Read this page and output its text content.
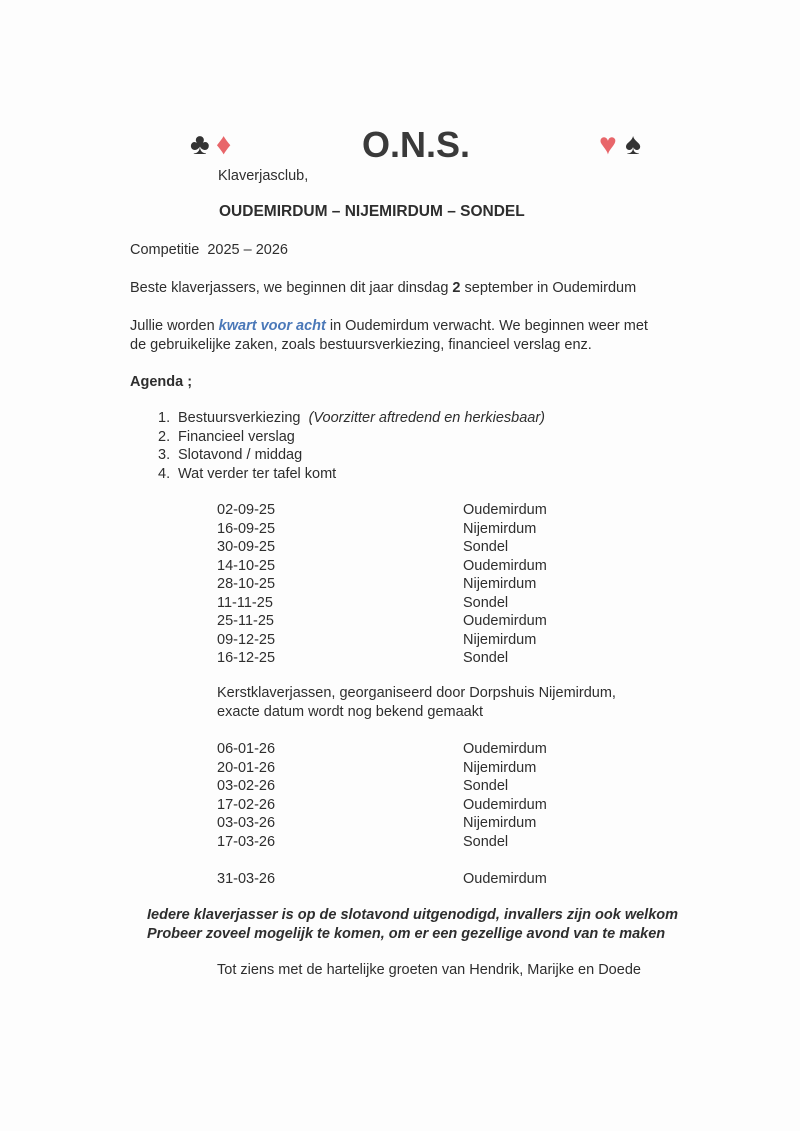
♣ ♦	O.N.S.	♥ ♠
Klaverjasclub,
OUDEMIRDUM – NIJEMIRDUM – SONDEL
Competitie  2025 – 2026
Beste klaverjassers, we beginnen dit jaar dinsdag 2 september in Oudemirdum
Jullie worden kwart voor acht in Oudemirdum verwacht. We beginnen weer met
de gebruikelijke zaken, zoals bestuursverkiezing, financieel verslag enz.
Agenda ;
Kerstklaverjassen, georganiseerd door Dorpshuis Nijemirdum,
exacte datum wordt nog bekend gemaakt
31-03-26	Oudemirdum
Iedere klaverjasser is op de slotavond uitgenodigd, invallers zijn ook welkom
Probeer zoveel mogelijk te komen, om er een gezellige avond van te maken
Tot ziens met de hartelijke groeten van Hendrik, Marijke en Doede
1. Bestuursverkiezing (Voorzitter aftredend en herkiesbaar)
2. Financieel verslag
3. Slotavond / middag
4. Wat verder ter tafel komt
02-09-25	Oudemirdum
16-09-25	Nijemirdum
30-09-25	Sondel
14-10-25	Oudemirdum
28-10-25	Nijemirdum
11-11-25	Sondel
25-11-25	Oudemirdum
09-12-25	Nijemirdum
16-12-25	Sondel
06-01-26	Oudemirdum
20-01-26	Nijemirdum
03-02-26	Sondel
17-02-26	Oudemirdum
03-03-26	Nijemirdum
17-03-26	Sondel
